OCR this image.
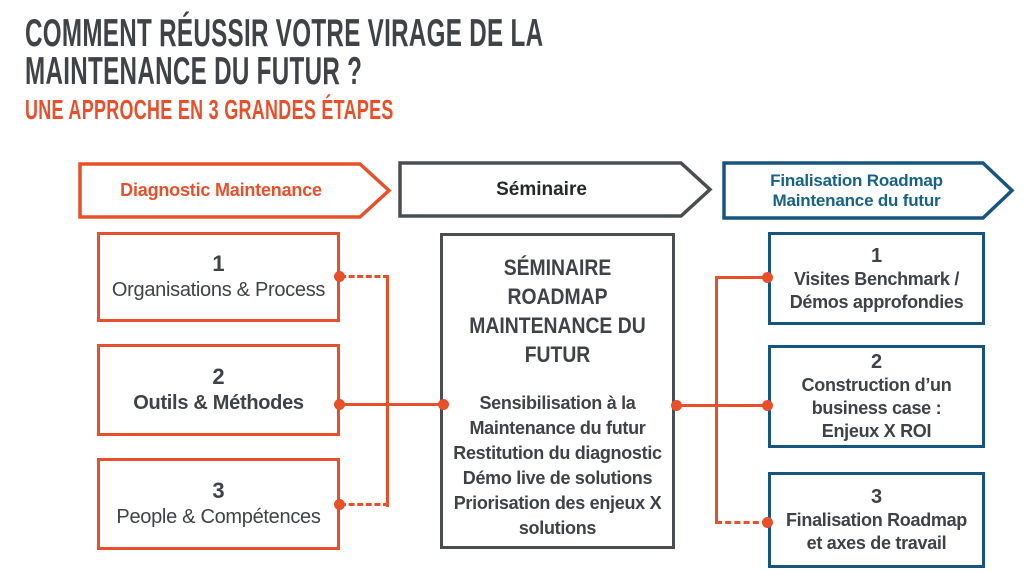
COMMENT RÉUSSIR VOTRE VIRAGE DE LA
MAINTENANCE DU FUTUR ?
UNE APPROCHE EN 3 GRANDES ÉTAPES
Diagnostic Maintenance	Séminaire	Finalisation Roadmap
Maintenance du futur
1
Organisations & Process
2
Outils & Méthodes
3
People & Compétences
SÉMINAIRE ROADMAP MAINTENANCE DU FUTUR
Sensibilisation à la Maintenance du futur
Restitution du diagnostic
Démo live de solutions
Priorisation des enjeux X solutions
1
Visites Benchmark /
Démos approfondies
2
Construction d’un
business case :
Enjeux X ROI
3
Finalisation Roadmap
et axes de travail
